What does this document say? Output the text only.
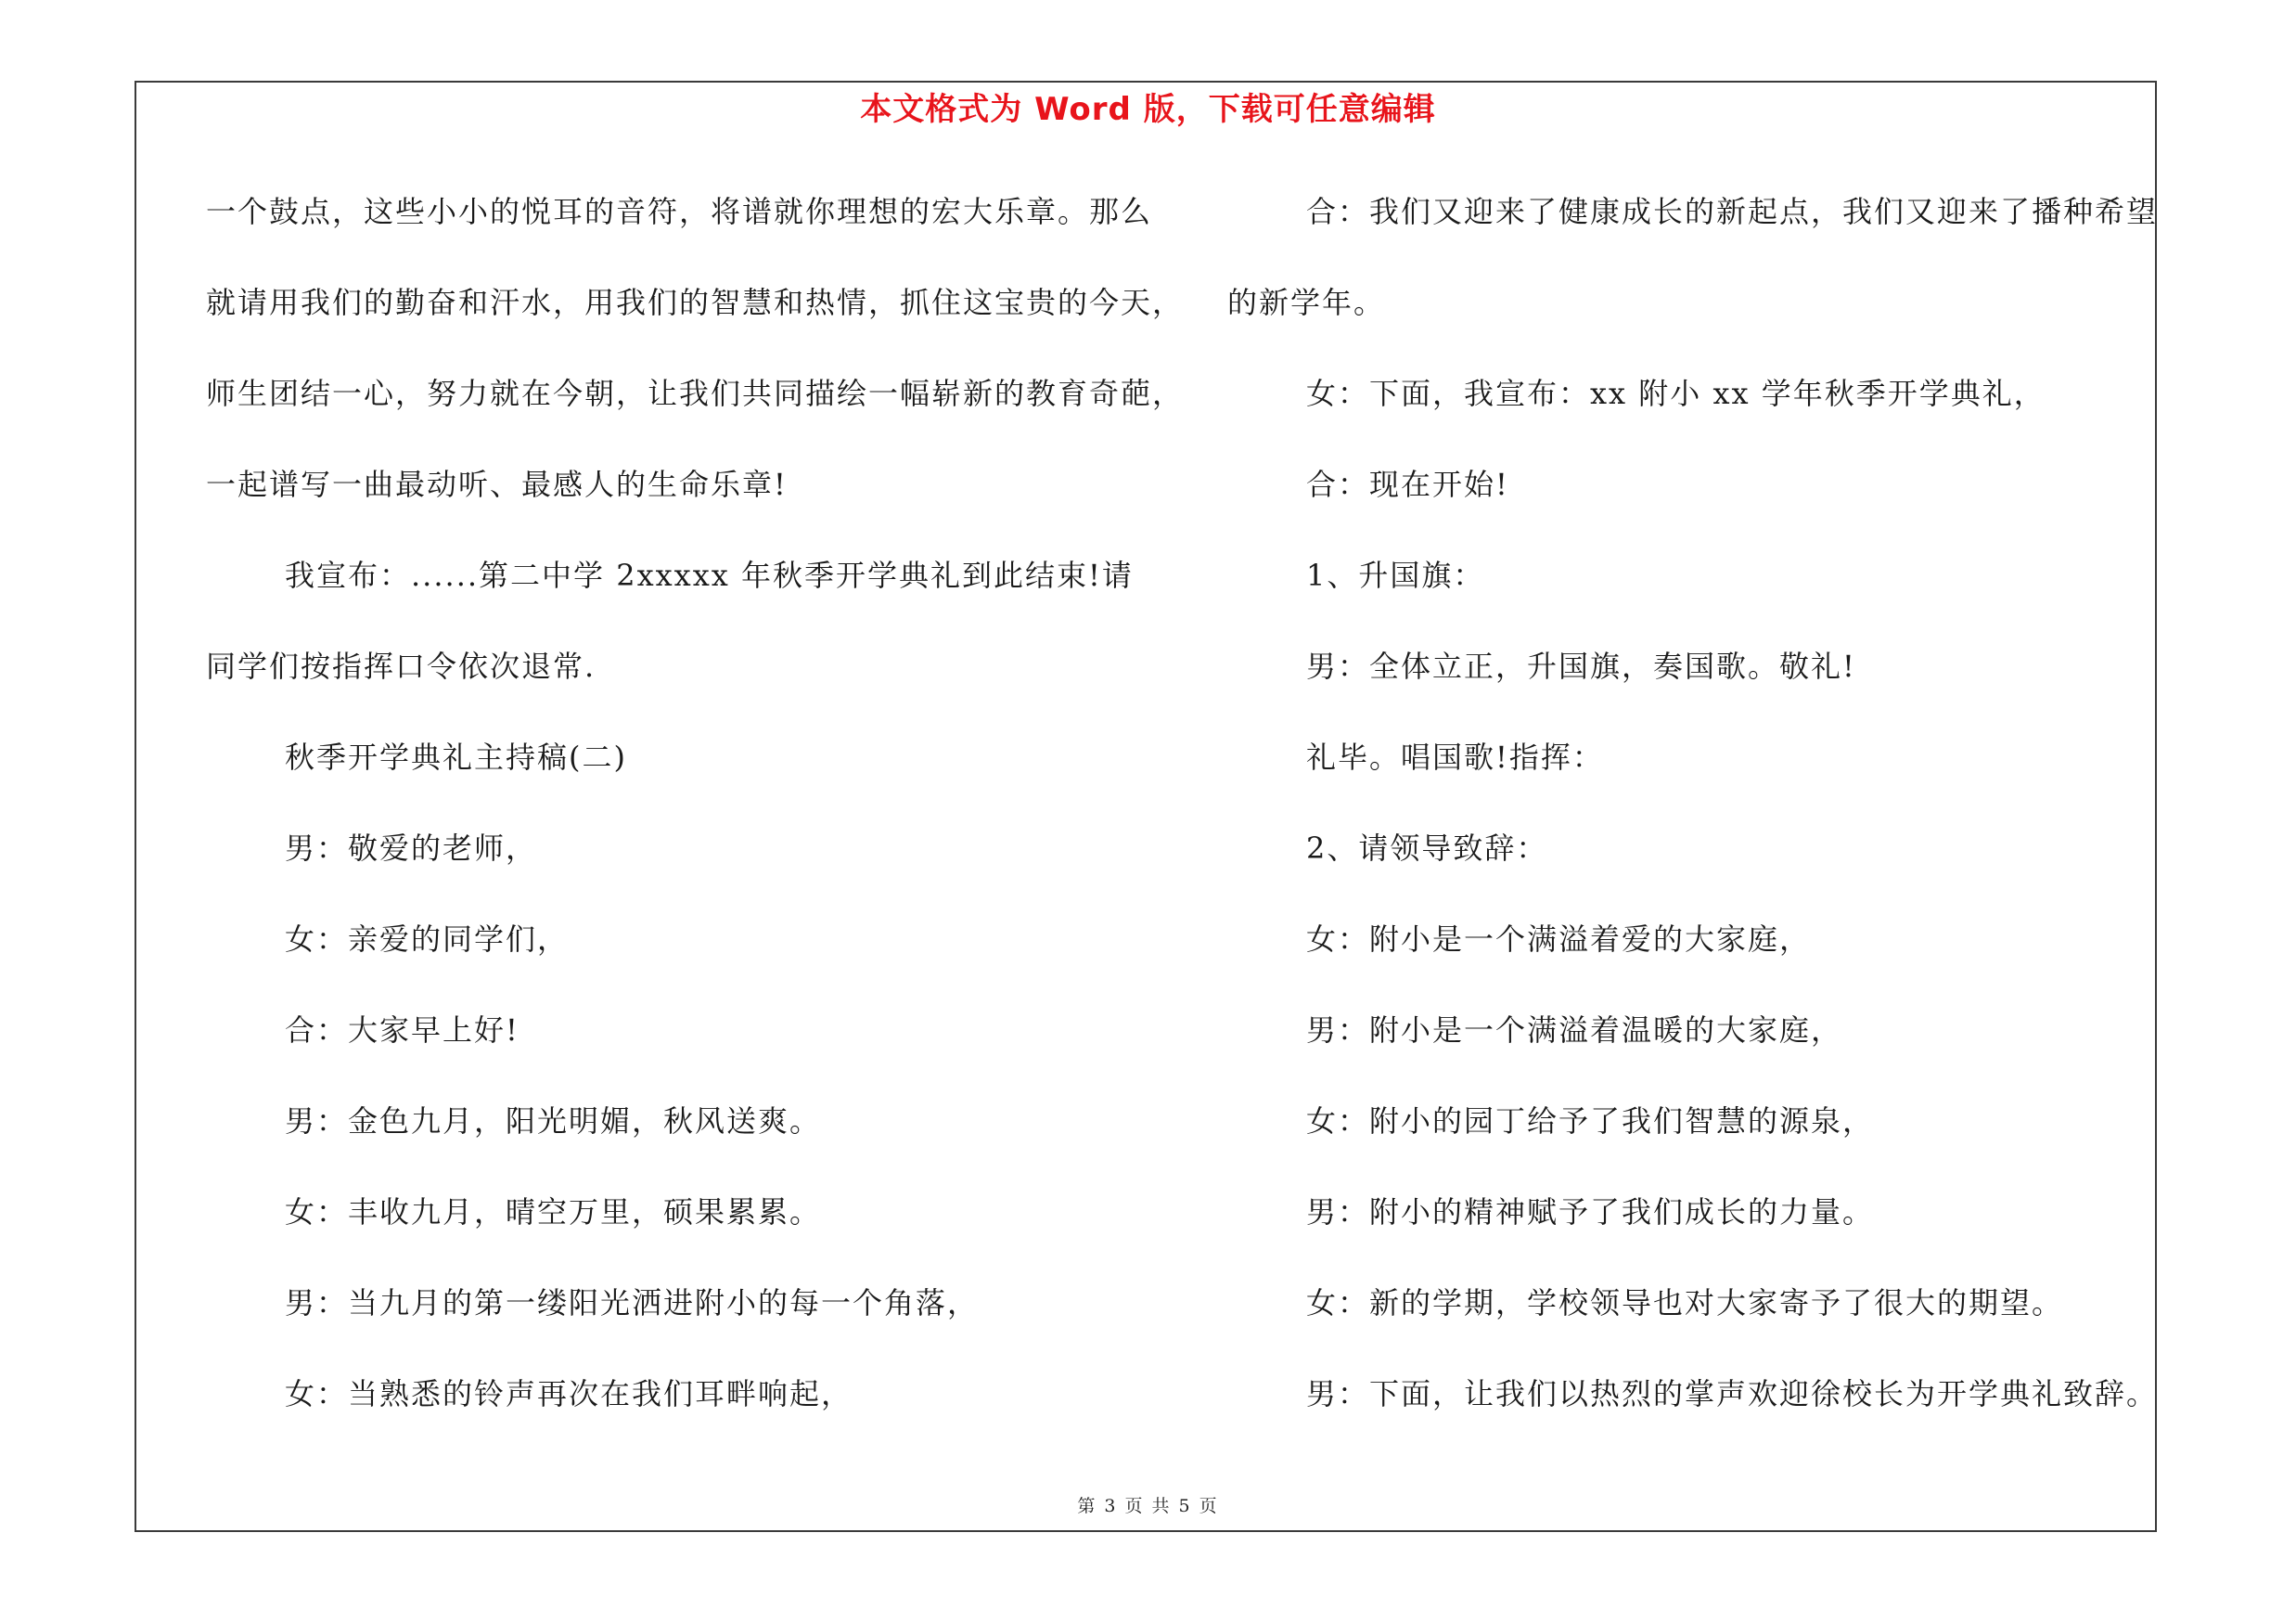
本文格式为 Word 版，下载可任意编辑
一个鼓点，这些小小的悦耳的音符，将谱就你理想的宏大乐章。那么
就请用我们的勤奋和汗水，用我们的智慧和热情，抓住这宝贵的今天，
师生团结一心，努力就在今朝，让我们共同描绘一幅崭新的教育奇葩，
一起谱写一曲最动听、最感人的生命乐章!
我宣布：......第二中学 2xxxxx 年秋季开学典礼到此结束!请
同学们按指挥口令依次退常.
秋季开学典礼主持稿(二)
男：敬爱的老师，
女：亲爱的同学们，
合：大家早上好!
男：金色九月，阳光明媚，秋风送爽。
女：丰收九月，晴空万里，硕果累累。
男：当九月的第一缕阳光洒进附小的每一个角落，
女：当熟悉的铃声再次在我们耳畔响起，
合：我们又迎来了健康成长的新起点，我们又迎来了播种希望
的新学年。
女：下面，我宣布：xx 附小 xx 学年秋季开学典礼，
合：现在开始!
1、升国旗：
男：全体立正，升国旗，奏国歌。敬礼!
礼毕。唱国歌!指挥：
2、请领导致辞：
女：附小是一个满溢着爱的大家庭，
男：附小是一个满溢着温暖的大家庭，
女：附小的园丁给予了我们智慧的源泉，
男：附小的精神赋予了我们成长的力量。
女：新的学期，学校领导也对大家寄予了很大的期望。
男：下面，让我们以热烈的掌声欢迎徐校长为开学典礼致辞。
第 3 页 共 5 页
